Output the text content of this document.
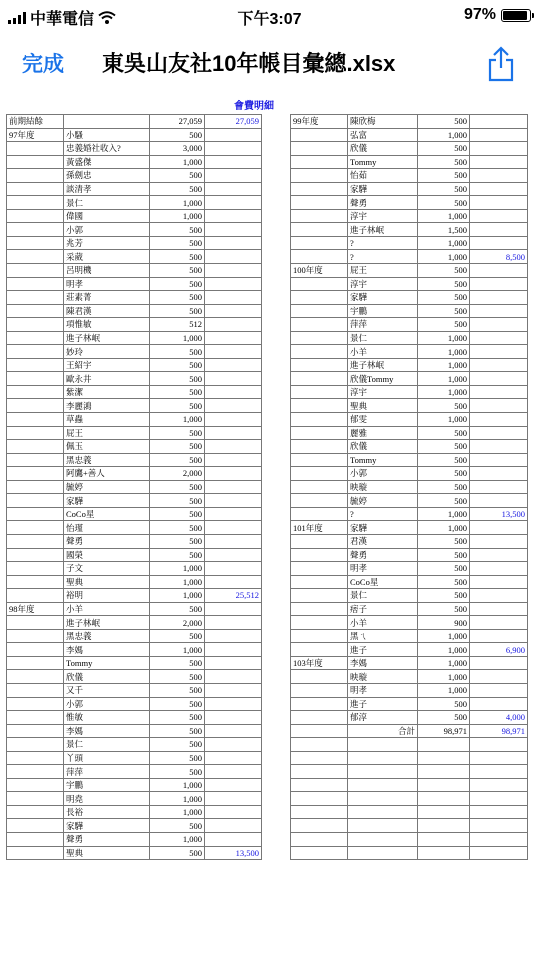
中華電信	下午3:07	97%
完成 東吳山友社10年帳目彙總.xlsx
會費明細
前期結餘		27,059	27,059		99年度	陳欣梅	500	
97年度	小騷	500				弘富	1,000	
	忠義婚社收入?	3,000				欣儀	500	
	黃盛傑	1,000				Tommy	500	
	孫劍忠	500				怡茹	500	
	談清孝	500				家驊	500	
	景仁	1,000				聲勇	500	
	偉國	1,000				淳宇	1,000	
	小郭	500				進子林岷	1,500	
	兆芳	500				?	1,000	
	采葳	500				?	1,000	8,500
	呂明機	500			100年度	屁王	500	
	明孝	500				淳宇	500	
	莊素菁	500				家驊	500	
	陳君漢	500				宇鵬	500	
	項惟敏	512				萍萍	500	
	進子林岷	1,000				景仁	1,000	
	妙玲	500				小羊	1,000	
	王紹宇	500				進子林岷	1,000	
	歐永井	500				欣儀Tommy	1,000	
	紫潔	500				淳宇	1,000	
	李麗鴻	500				聖典	500	
	草蟲	1,000				郁雯	1,000	
	屁王	500				麗雅	500	
	佩玉	500				欣儀	500	
	黑忠義	500				Tommy	500	
	阿鷹+善人	2,000				小郭	500	
	毓婷	500				映璇	500	
	家驊	500				毓婷	500	
	CoCo星	500				?	1,000	13,500
	怡瑾	500			101年度	家驊	1,000	
	聲勇	500				君漢	500	
	國榮	500				聲勇	500	
	子文	1,000				明孝	500	
	聖典	1,000				CoCo星	500	
	裕明	1,000	25,512			景仁	500	
98年度	小羊	500				痞子	500	
	進子林岷	2,000				小羊	900	
	黑忠義	500				黑ㄟ	1,000	
	李媽	1,000				進子	1,000	6,900
	Tommy	500			103年度	李媽	1,000	
	欣儀	500				映璇	1,000	
	又千	500				明孝	1,000	
	小郭	500				進子	500	
	惟敏	500				郁淳	500	4,000
	李媽	500				合計	98,971	98,971
	景仁	500						
	丫頭	500						
	萍萍	500						
	宇鵬	1,000						
	明堯	1,000						
	長裕	1,000						
	家驊	500						
	聲勇	1,000						
	聖典	500	13,500					
